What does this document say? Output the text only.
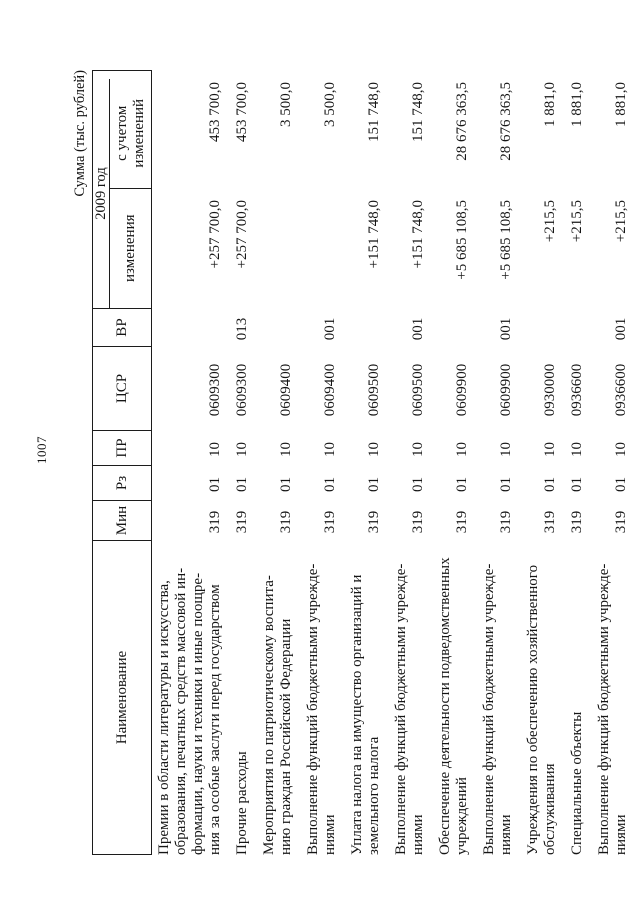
1007
Сумма (тыс. рублей)
Наименование
Мин
Рз
ПР
ЦСР
ВР
2009 год
изменения
с учетом изменений
Премии в области литературы и искусства, образования, печатных средств массовой ин- формации, науки и техники и иные поощре- ния за особые заслуги перед государством
319
01
10
0609300
+257 700,0
453 700,0
Прочие расходы
319
01
10
0609300
013
+257 700,0
453 700,0
Мероприятия по патриотическому воспита- нию граждан Российской Федерации
319
01
10
0609400
3 500,0
Выполнение функций бюджетными учрежде- ниями
319
01
10
0609400
001
3 500,0
Уплата налога на имущество организаций и земельного налога
319
01
10
0609500
+151 748,0
151 748,0
Выполнение функций бюджетными учрежде- ниями
319
01
10
0609500
001
+151 748,0
151 748,0
Обеспечение деятельности подведомственных учреждений
319
01
10
0609900
+5 685 108,5
28 676 363,5
Выполнение функций бюджетными учрежде- ниями
319
01
10
0609900
001
+5 685 108,5
28 676 363,5
Учреждения по обеспечению хозяйственного обслуживания
319
01
10
0930000
+215,5
1 881,0
Специальные объекты
319
01
10
0936600
+215,5
1 881,0
Выполнение функций бюджетными учрежде- ниями
319
01
10
0936600
001
+215,5
1 881,0
